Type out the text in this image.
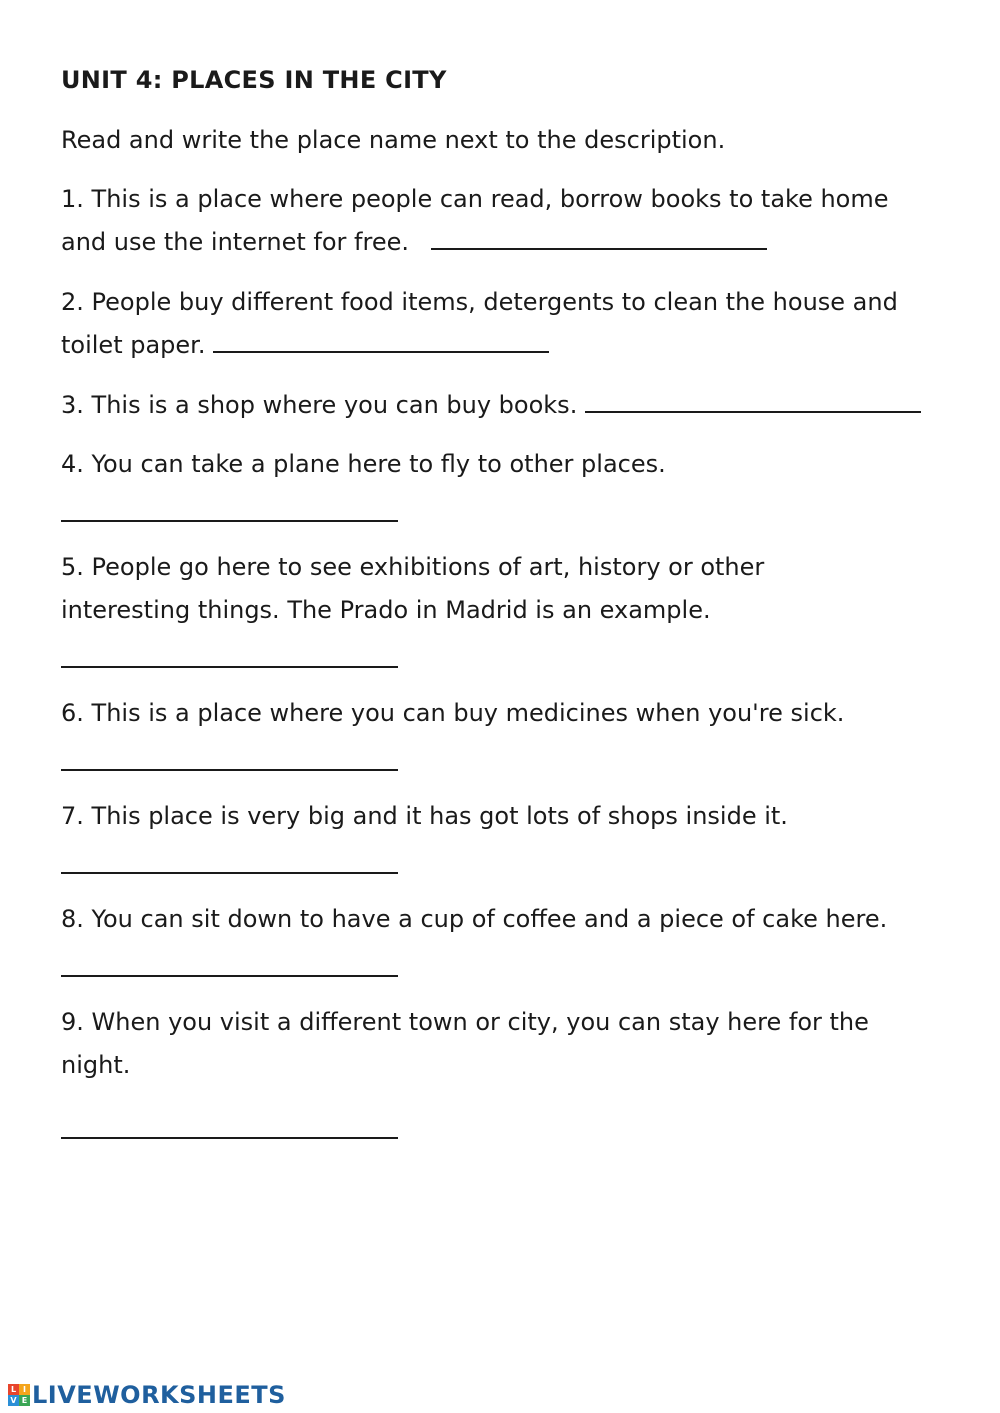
UNIT 4: PLACES IN THE CITY
Read and write the place name next to the description.
1. This is a place where people can read, borrow books to take home
and use the internet for free.
2. People buy different food items, detergents to clean the house and
toilet paper.
3. This is a shop where you can buy books.
4. You can take a plane here to fly to other places.
5. People go here to see exhibitions of art, history or other
interesting things. The Prado in Madrid is an example.
6. This is a place where you can buy medicines when you're sick.
7. This place is very big and it has got lots of shops inside it.
8. You can sit down to have a cup of coffee and a piece of cake here.
9. When you visit a different town or city, you can stay here for the
night.
L I
V E LIVEWORKSHEETS
